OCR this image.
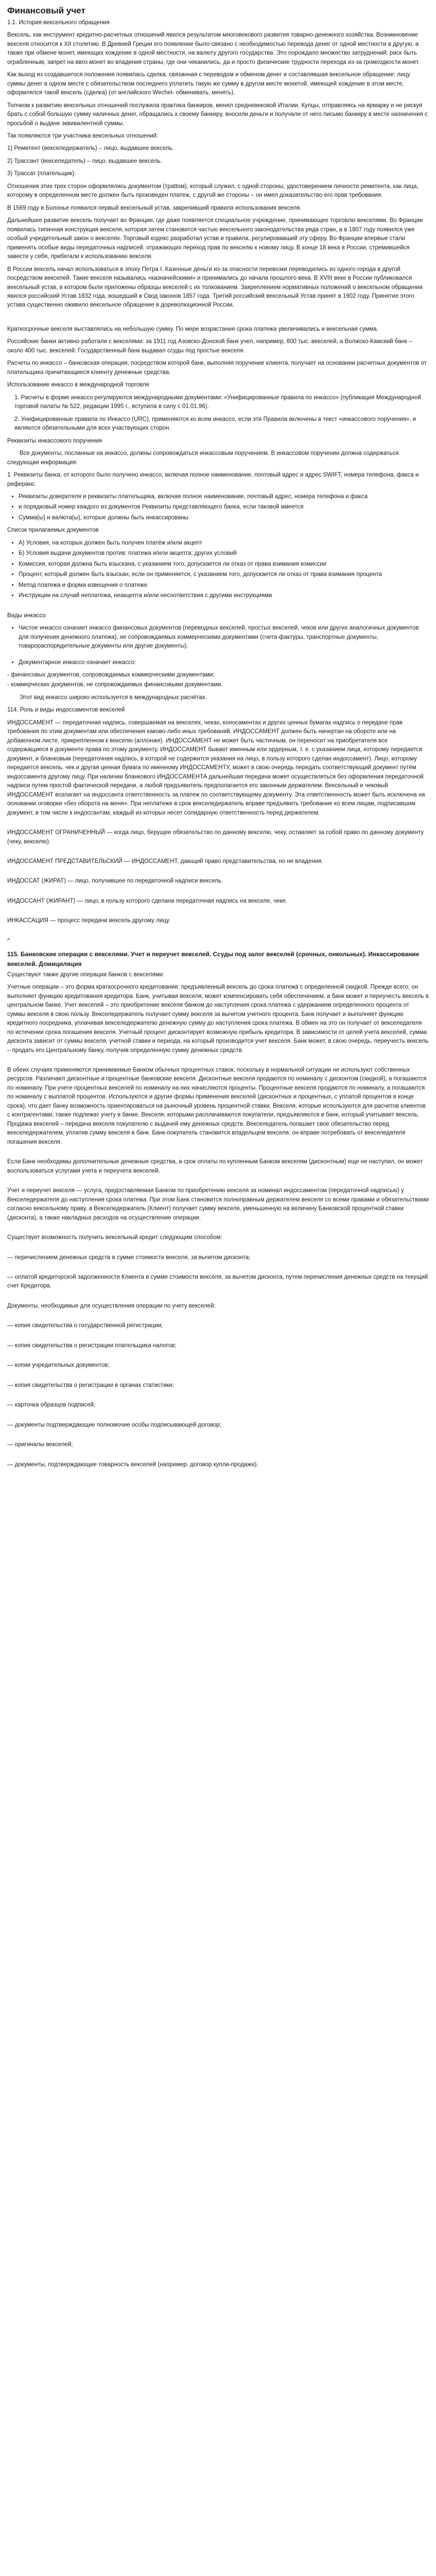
Финансовый учет

1.1. История вексельного обращения

Вексель, как инструмент кредитно-расчетных отношений явился результатом многовекового развития товарно-денежного хозяйства. Возникновение векселя относится к XII столетию. В Древней Греции его появление было связано с необходимостью перевода денег от одной местности в другую, а также при обмене монет, имеющих хождение в одной местности, на валюту другого государства. Это порождало множество затруднений: риск быть ограбленным, запрет на ввоз монет во владения страны, где они чеканились, да и просто физические трудности перехода из-за громоздкости монет.

Как выход из создавшегося положения появилась сделка, связанная с переводом и обменом денег и составлявшая вексельное обращение: лицу суммы денег в одном месте с обязательством последнего уплатить такую же сумму в другом месте монетой, имеющей хождение в этом месте, оформлялся такой вексель (сделка) (от английского Wechel- обменивать, менять).

Толчком к развитию вексельных отношений послужила практика банкиров, менял средневековой Италии. Купцы, отправляясь на ярмарку и не рискуя брать с собой большую сумму наличных денег, обращались к своему банкиру, вносили деньги и получали от него письмо банкиру в месте назначения с просьбой о выдаче эквивалентной суммы.

Так появляются три участника вексельных отношений:

1) Ремитент (векселедержатель) – лицо, выдавшее вексель.

2) Трассант (векселедатель) – лицо, выдавшее вексель.

3) Трассат (плательщик).

Отношения этих трех сторон оформлялись документом (трattoм), который служил, с одной стороны, удостоверением личности ремитента, как лица, которому в определенном месте должен быть произведен платеж, с другой же стороны – он имел доказательство его прав требования.

В 1569 году в Болонье появился первый вексельный устав, закрепивший правила использования векселя.

Дальнейшее развитие вексель получает во Франции, где даже появляется специальное учреждение, принимающее торговлю векселями. Во Франции появилась типичная конструкция векселя, которая затем становится частью вексельного законодательства ряда стран, а в 1807 году появился уже особый учредительный закон о векселях. Торговый кодекс разработал устав и правила, регулировавший эту сферу. Во Франции впервые стали применять особые виды передаточных надписей, отражающих переход прав по векселю к новому лицу. В конце 18 века в России, стремившейся завести у себя, прибегали к использованию векселя.

В России вексель начал использоваться в эпоху Петра I. Казенные деньги из-за опасности перевозки переводились из одного города в другой посредством векселей. Такие векселя назывались «казначейскими» и принимались до начала прошлого века. В XVIII веке в России публиковался вексельный устав, в котором были приложены образцы векселей с их толкованием. Закреплением нормативных положений о вексельном обращении явился российский Устав 1832 года, вошедший в Свод законов 1857 года. Третий российский вексельный Устав принят в 1902 году. Принятие этого устава существенно оживило вексельное обращение в дореволюционной России.

Краткосрочные векселя выставлялись на небольшую сумму. По мере возрастания срока платежа увеличивались и вексельная сумма.

Российские банки активно работали с векселями: за 1911 год Азовско-Донской банк учел, например, 600 тыс. векселей, а Волжско-Камский банк – около 400 тыс. векселей. Государственный банк выдавал ссуды под простые векселя.

Расчеты по инкассо – банковская операция, посредством которой банк, выполняя поручение клиента, получает на основании расчетных документов от плательщика причитающиеся клиенту денежные средства.

Использование инкассо в международной торговле

1. Расчеты в форме инкассо регулируются международными документами: «Унифицированные правила по инкассо» (публикация Международной торговой палаты № 522, редакции 1995 г., вступила в силу с 01.01.96).

2. Унифицированные правила по Инкассо (URC), применяются ко всем инкассо, если эти Правила включены в текст «инкассового поручения», и являются обязательными для всех участвующих сторон.

Реквизиты инкассового поручения

Все документы, посланные на инкассо, должны сопровождаться инкассовым поручением. В инкассовом поручении должна содержаться следующая информация:

1. Реквизиты банка, от которого было получено инкассо, включая полное наименование, почтовый адрес и адрес SWIFT, номера телефона, факса и реферанс.

• Реквизиты доверителя и реквизиты плательщика, включая полное наименование, почтовый адрес, номера телефона и факса
• и порядковый номер каждого из документов Реквизиты представляющего банка, если таковой имеется
• Сумма(ы) и валюта(ы), которые должны быть инкассированы

Список прилагаемых документов

• А) Условия, на которых должен быть получен платёж и/или акцепт
• Б) Условия выдачи документов против: платежа и/или акцепта; других условий
• Комиссия, которая должна быть взыскана, с указанием того, допускается ли отказ от права взимания комиссии
• Процент, который должен быть взыскан, если он применяется, с указанием того, допускается ли отказ от права взимания процента
• Метод платежа и форма извещения о платеже
• Инструкции на случай неплатежа, неакцепта и/или несоответствия с другими инструкциями

Виды инкассо

• Чистое инкассо означает инкассо финансовых документов (переводных векселей, простых векселей, чеков или других аналогичных документов для получения денежного платежа), не сопровождаемых коммерческими документами (счета-фактуры, транспортные документы, товарораспорядительные документы или другие документы).
• Документарное инкассо означает инкассо:

- финансовых документов, сопровождаемых коммерческими документами;

- коммерческих документов, не сопровождаемых финансовыми документами.

Этот вид инкассо широко используется в международных расчётах.

114. Роль и виды индоссаментов векселей

ИНДОССАМЕНТ — передаточная надпись, совершаемая на векселях, чеках, коносаментах и других ценных бумагах надпись о передаче прав требования по этим документам или обеспечения каково-либо иных требований. ИНДОССАМЕНТ должен быть начертан на обороте или на добавочном листе, прикрепленном к векселю (аллонже). ИНДОССАМЕНТ не может быть частичным, он переносит на приобретателя все содержащиеся в документе права по этому документу. ИНДОССАМЕНТ бывает именным или ордерным, т. е. с указанием лица, которому передается документ, и бланковым (передаточная надпись, в которой не содержится указания на лицо, в пользу которого сделан индоссамент). Лицо, которому передается вексель, чек и другая ценная бумага по именному ИНДОССАМЕНТУ, может в свою очередь передать соответствующий документ путём индоссамента другому лицу. При наличии бланкового ИНДОССАМЕНТА дальнейшая передача может осуществляться без оформления передаточной надписи путем простой фактической передачи, а любой предъявитель предполагается его законным держателем. Вексельный и чековый ИНДОССАМЕНТ возлагает на индоссанта ответственность за платеж по соответствующему документу. Эта ответственность может быть исключена на основании оговорки «без оборота на меня». При неплатеже в срок векселедержатель вправе предъявить требование ко всем лицам, подписавшим документ, в том числе к индоссантам, каждый из которых несет солидарную ответственность перед держателем.

ИНДОССАМЕНТ ОГРАНИЧЕННЫЙ — когда лицо, берущее обязательство по данному векселю, чеку, оставляет за собой право по данному документу (чеку, векселю).

ИНДОССАМЕНТ ПРЕДСТАВИТЕЛЬСКИЙ — ИНДОССАМЕНТ, дающий право представительства, но не владения.

ИНДОССАТ (ЖИРАТ) — лицо, получившее по передаточной надписи вексель.

ИНДОССАНТ (ЖИРАНТ) — лицо, в пользу которого сделана передаточная надпись на векселе, чеке.

ИНКАССАЦИЯ — процесс передачи вексель другому лицу.

^

115. Банковские операции с векселями. Учет и переучет векселей. Ссуды под залог векселей (срочных, онкольных). Инкассирование векселей. Домициляция

Существуют также другие операции банков с векселями:

Учетные операции – это форма краткосрочного кредитования: предъявленный вексель до срока платежа с определенной скидкой. Прежде всего, он выполняет функцию кредитования кредитора. Банк, учитывая векселя, может компенсировать себя обеспечением, а банк может и переучесть вексель в центральном банке. Учет векселей – это приобретение векселя банком до наступления срока платежа с удержанием определенного процента от суммы векселя в свою пользу. Векселедержатель получает сумму векселя за вычетом учетного процента. Банк получает и выполняет функцию кредитного посредника, уплачивая векселедержателю денежную сумму до наступления срока платежа. В обмен на это он получает от векселедателя по истечении срока погашения векселя. Учетный процент дисконтирует возможную прибыль кредитора. В зависимости от целей учета векселей, сумма дисконта зависит от суммы векселя, учетной ставки и периода, на который производится учет векселя. Банк может, в свою очередь, переучесть вексель – продать его Центральному банку, получив определенную сумму денежных средств.

В обеих случаях применяются принимаемые Банком обычных процентных ставок, поскольку в нормальной ситуации не используют собственных ресурсов. Различают дисконтные и процентные банковские векселя. Дисконтные векселя продаются по номиналу с дисконтом (скидкой), а погашаются по номиналу. При учете процентных векселей по номиналу на них начисляются проценты. Процентные векселя продаются по номиналу, а погашаются по номиналу с выплатой процентов. Используются и другие формы применения векселей (дисконтных и процентных, с уплатой процентов в конце срока), что дает банку возможность ориентироваться на рыночный уровень процентной ставки. Векселя, которые используются для расчетов клиентов с контрагентами, также подлежат учету в банке. Векселя, которыми расплачиваются покупатели, предъявляются в банк, который учитывает вексель. Продажа векселей – передача векселя покупателю с выдачей ему денежных средств. Векселедатель погашает свое обязательство перед векселедержателем, уплатив сумму векселя в банк. Банк-покупатель становится владельцем векселя, он вправе потребовать от векселедателя погашения векселя.

Если Банк необходимы дополнительные денежные средства, а срок оплаты по купленным Банком векселям (дисконтным) еще не наступил, он может воспользоваться услугами учета и переучета векселей.

Учет и переучет векселя — услуга, предоставляемая Банком по приобретению векселя за номинал индоссаментом (передаточной надписью) у Векселедержателя до наступления срока платежа. При этом Банк становится полноправным держателем векселя со всеми правами и обязательствами согласно вексельному праву, а Векселедержатель (Клиент) получает сумму векселя, уменьшенную на величину Банковской процентной ставки (дисконта), а также накладных расходов на осуществление операции.

Существует возможность получить вексельный кредит следующим способом:

— перечислением денежных средств в сумме стоимости векселя, за вычетом дисконта;

— оплатой кредиторской задолженности Клиента в сумме стоимости векселя, за вычетом дисконта, путем перечисления денежных средств на текущий счет Кредитора.

Документы, необходимые для осуществления операции по учету векселей:

— копия свидетельства о государственной регистрации;

— копия свидетельства о регистрации плательщика налогов;

— копии учредительных документов;

— копия свидетельства о регистрации в органах статистики;

— карточка образцов подписей;

— документы подтверждающие полномочие особы подписывающей договор;

— оригиналы векселей;

— документы, подтверждающие товарность векселей (например, договор купли-продажи).
